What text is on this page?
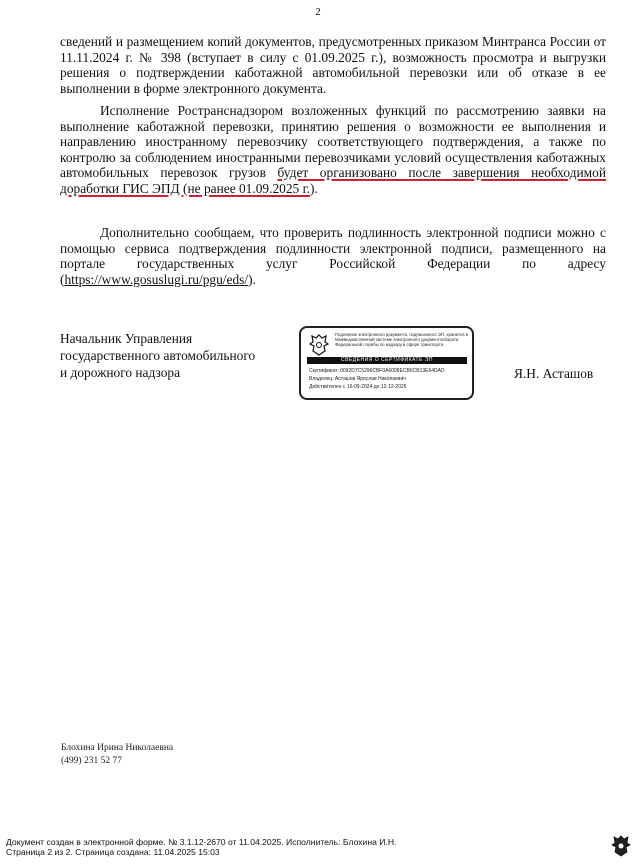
2
сведений и размещением копий документов, предусмотренных приказом Минтранса России от 11.11.2024 г. № 398 (вступает в силу с 01.09.2025 г.), возможность просмотра и выгрузки решения о подтверждении каботажной автомобильной перевозки или об отказе в ее выполнении в форме электронного документа.
Исполнение Ространснадзором возложенных функций по рассмотрению заявки на выполнение каботажной перевозки, принятию решения о возможности ее выполнения и направлению иностранному перевозчику соответствующего подтверждения, а также по контролю за соблюдением иностранными перевозчиками условий осуществления каботажных автомобильных перевозок грузов будет организовано после завершения необходимой доработки ГИС ЭПД (не ранее 01.09.2025 г.).
Дополнительно сообщаем, что проверить подлинность электронной подписи можно с помощью сервиса подтверждения подлинности электронной подписи, размещенного на портале государственных услуг Российской Федерации по адресу (https://www.gosuslugi.ru/pgu/eds/).
Начальник Управления
государственного автомобильного
и дорожного надзора
Подлинник электронного документа, подписанного ЭП, хранится в Межведомственной системе электронного документооборота Федеральной службы по надзору в сфере транспорта
СВЕДЕНИЯ О СЕРТИФИКАТЕ ЭП
Сертификат: 0092D7C5296CBF0A6008ECB6CB13E64DAD
Владелец: Асташов Ярослав Николаевич
Действителен с 16-09-2024 до 12-12-2025
Я.Н. Асташов
Блохина Ирина Николаевна
(499) 231 52 77
Документ создан в электронной форме. № 3.1.12-2670 от 11.04.2025. Исполнитель: Блохина И.Н.
Страница 2 из 2. Страница создана: 11.04.2025 15:03
